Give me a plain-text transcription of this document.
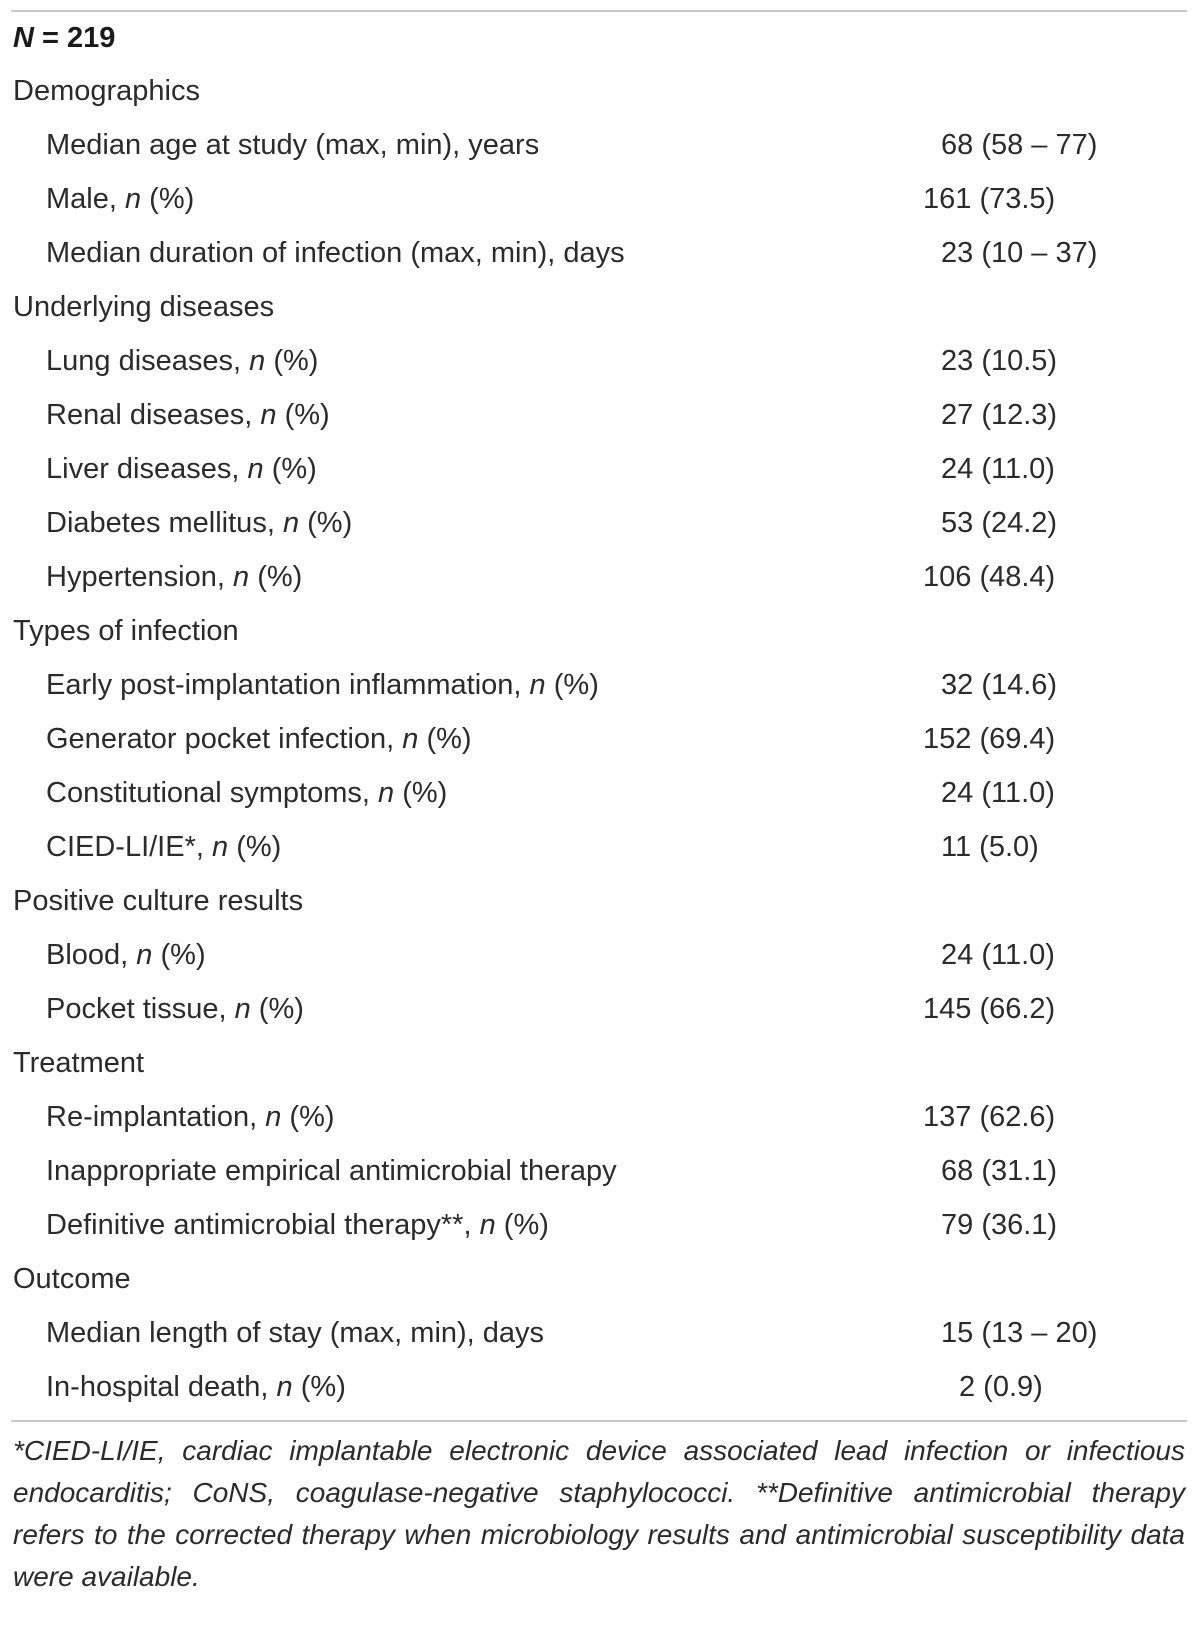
N = 219
Demographics
Median age at study (max, min), years	68 (58 – 77)
Male, n (%)	161 (73.5)
Median duration of infection (max, min), days	23 (10 – 37)
Underlying diseases
Lung diseases, n (%)	23 (10.5)
Renal diseases, n (%)	27 (12.3)
Liver diseases, n (%)	24 (11.0)
Diabetes mellitus, n (%)	53 (24.2)
Hypertension, n (%)	106 (48.4)
Types of infection
Early post-implantation inflammation, n (%)	32 (14.6)
Generator pocket infection, n (%)	152 (69.4)
Constitutional symptoms, n (%)	24 (11.0)
CIED-LI/IE*, n (%)	11 (5.0)
Positive culture results
Blood, n (%)	24 (11.0)
Pocket tissue, n (%)	145 (66.2)
Treatment
Re-implantation, n (%)	137 (62.6)
Inappropriate empirical antimicrobial therapy	68 (31.1)
Definitive antimicrobial therapy**, n (%)	79 (36.1)
Outcome
Median length of stay (max, min), days	15 (13 – 20)
In-hospital death, n (%)	2 (0.9)

*CIED-LI/IE, cardiac implantable electronic device associated lead infection or infectious endocarditis; CoNS, coagulase-negative staphylococci. **Definitive antimicrobial therapy refers to the corrected therapy when microbiology results and antimicrobial susceptibility data were available.
